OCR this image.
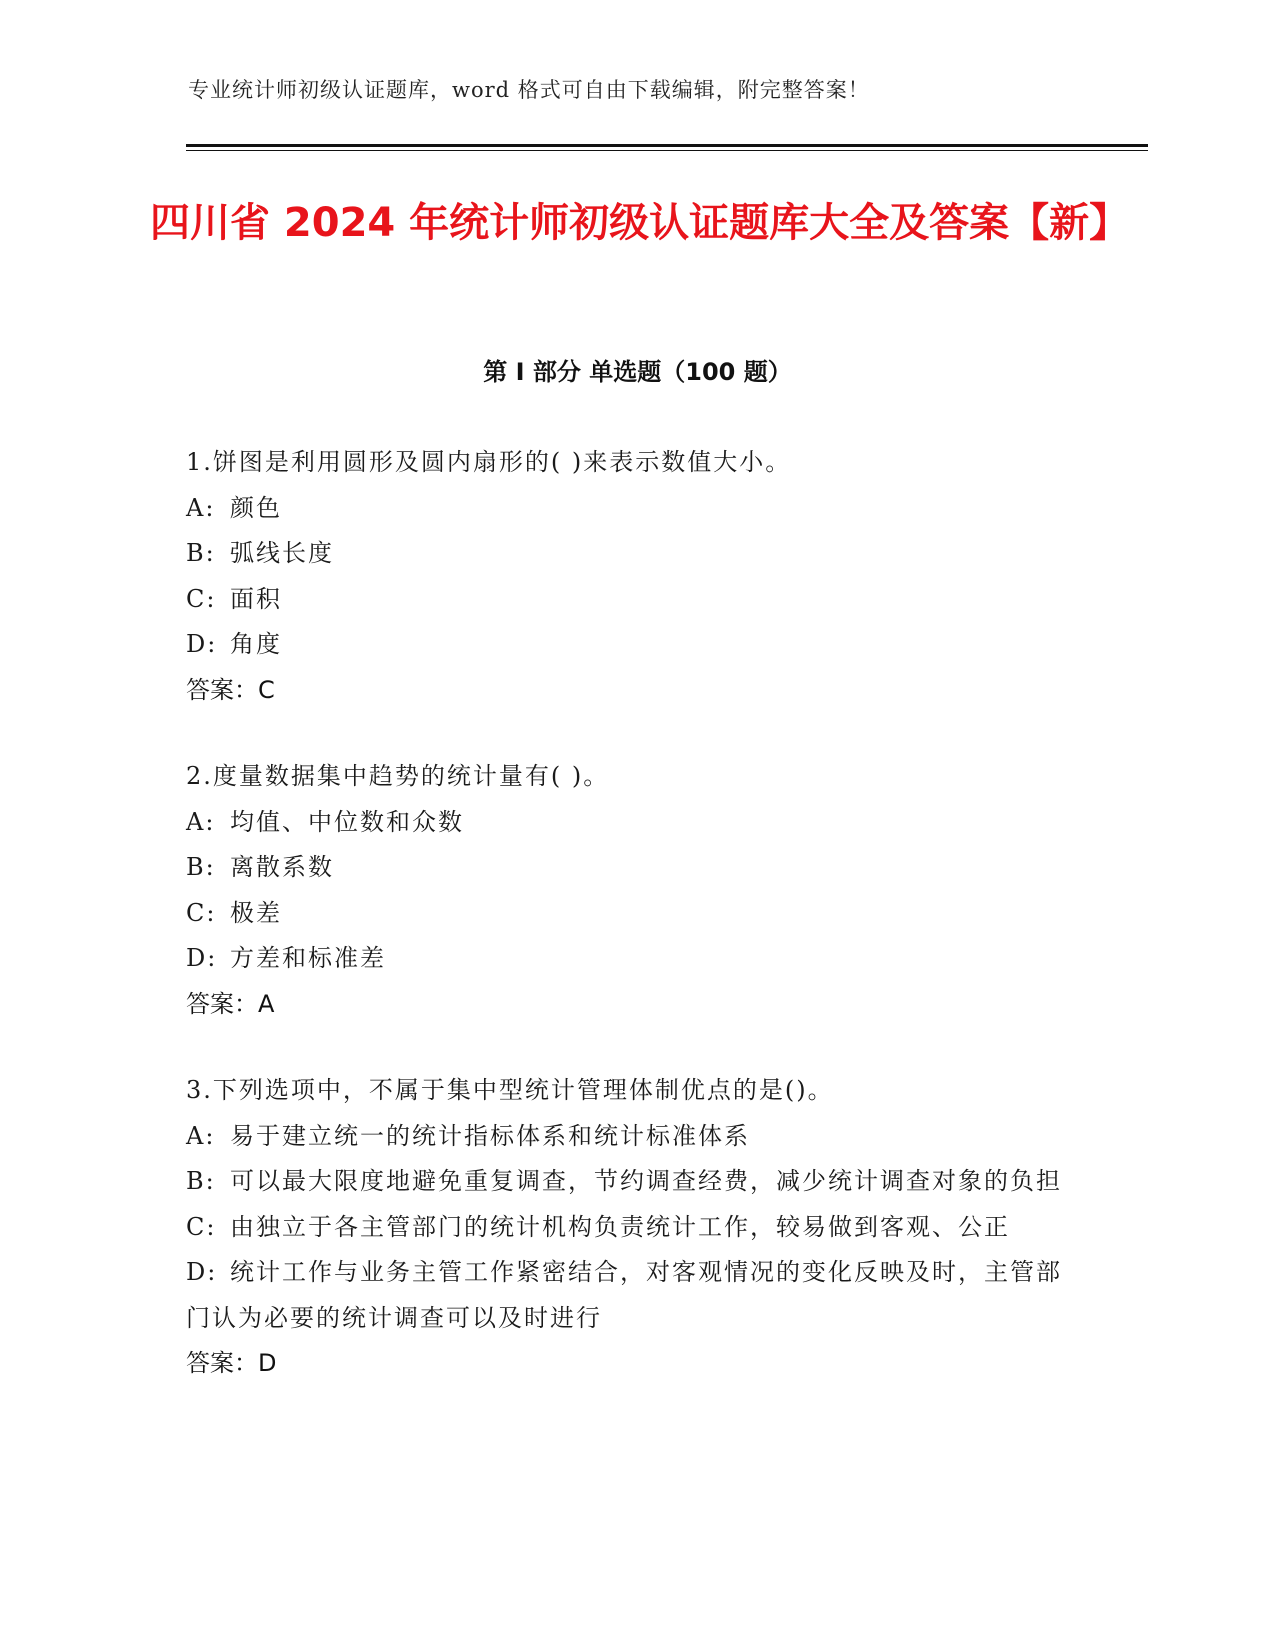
专业统计师初级认证题库，word 格式可自由下载编辑，附完整答案！
四川省 2024 年统计师初级认证题库大全及答案【新】
第 I 部分 单选题（100 题）
1.饼图是利用圆形及圆内扇形的( )来表示数值大小。
A: 颜色
B: 弧线长度
C: 面积
D: 角度
答案：C
2.度量数据集中趋势的统计量有( )。
A: 均值、中位数和众数
B: 离散系数
C: 极差
D: 方差和标准差
答案：A
3.下列选项中，不属于集中型统计管理体制优点的是()。
A: 易于建立统一的统计指标体系和统计标准体系
B: 可以最大限度地避免重复调查，节约调查经费，减少统计调查对象的负担
C: 由独立于各主管部门的统计机构负责统计工作，较易做到客观、公正
D: 统计工作与业务主管工作紧密结合，对客观情况的变化反映及时，主管部门认为必要的统计调查可以及时进行
答案：D
